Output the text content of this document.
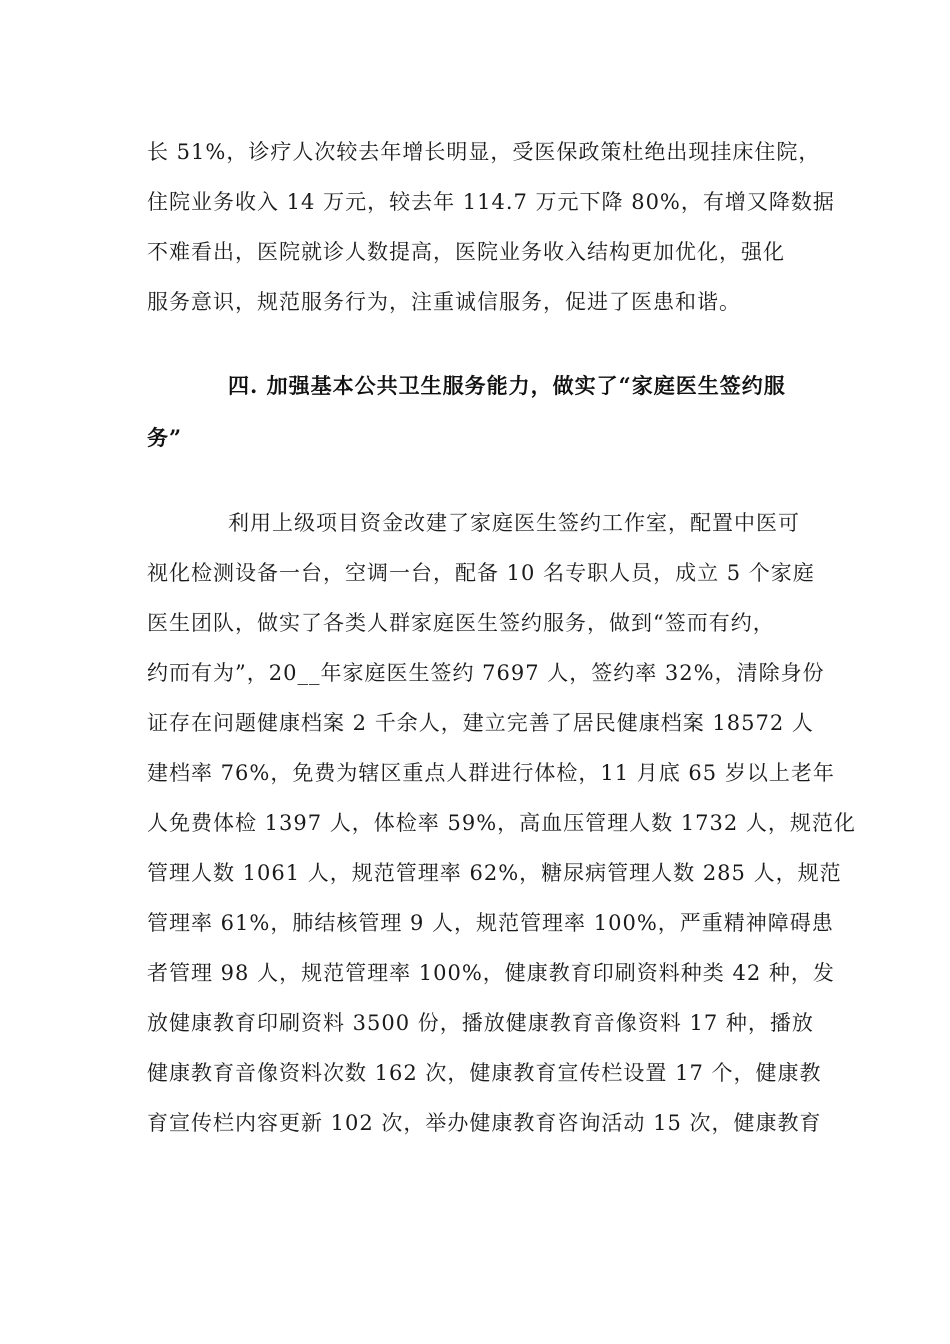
长 51%，诊疗人次较去年增长明显，受医保政策杜绝出现挂床住院，
住院业务收入 14 万元，较去年 114.7 万元下降 80%，有增又降数据
不难看出，医院就诊人数提高，医院业务收入结构更加优化，强化
服务意识，规范服务行为，注重诚信服务，促进了医患和谐。
四. 加强基本公共卫生服务能力，做实了“家庭医生签约服
务”
利用上级项目资金改建了家庭医生签约工作室，配置中医可
视化检测设备一台，空调一台，配备 10 名专职人员，成立 5 个家庭
医生团队，做实了各类人群家庭医生签约服务，做到“签而有约，
约而有为”，20__年家庭医生签约 7697 人，签约率 32%，清除身份
证存在问题健康档案 2 千余人，建立完善了居民健康档案 18572 人
建档率 76%，免费为辖区重点人群进行体检，11 月底 65 岁以上老年
人免费体检 1397 人，体检率 59%，高血压管理人数 1732 人，规范化
管理人数 1061 人，规范管理率 62%，糖尿病管理人数 285 人，规范
管理率 61%，肺结核管理 9 人，规范管理率 100%，严重精神障碍患
者管理 98 人，规范管理率 100%，健康教育印刷资料种类 42 种，发
放健康教育印刷资料 3500 份，播放健康教育音像资料 17 种，播放
健康教育音像资料次数 162 次，健康教育宣传栏设置 17 个，健康教
育宣传栏内容更新 102 次，举办健康教育咨询活动 15 次，健康教育
